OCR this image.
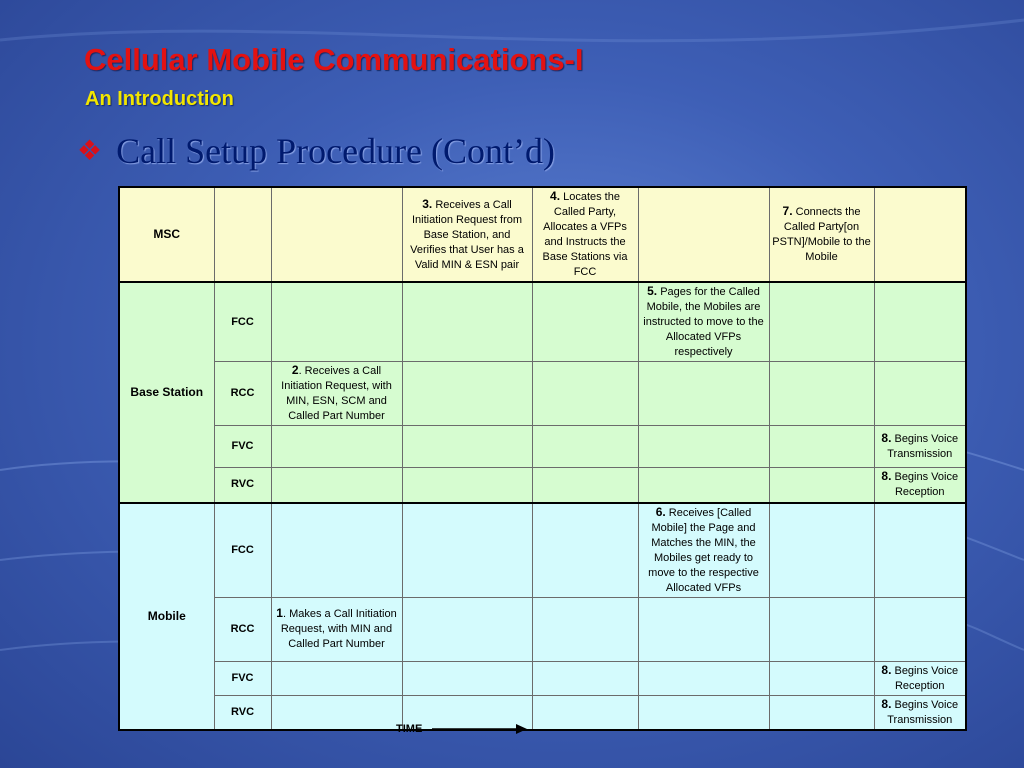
Cellular Mobile Communications-I
An Introduction
❖ Call Setup Procedure (Cont’d)
MSC			3. Receives a Call Initiation Request from Base Station, and Verifies that User has a Valid MIN & ESN pair	4. Locates the Called Party, Allocates a VFPs and Instructs the Base Stations via FCC		7. Connects the Called Party[on PSTN]/Mobile to the Mobile	
Base Station	FCC				5. Pages for the Called Mobile, the Mobiles are instructed to move to the Allocated VFPs respectively		
	RCC	2. Receives a Call Initiation Request, with MIN, ESN, SCM and Called Part Number					
	FVC						8. Begins Voice Transmission
	RVC						8. Begins Voice Reception
Mobile	FCC				6. Receives [Called Mobile] the Page and Matches the MIN, the Mobiles get ready to move to the respective Allocated VFPs		
	RCC	1. Makes a Call Initiation Request, with MIN and Called Part Number					
	FVC						8. Begins Voice Reception
	RVC						8. Begins Voice Transmission
TIME
